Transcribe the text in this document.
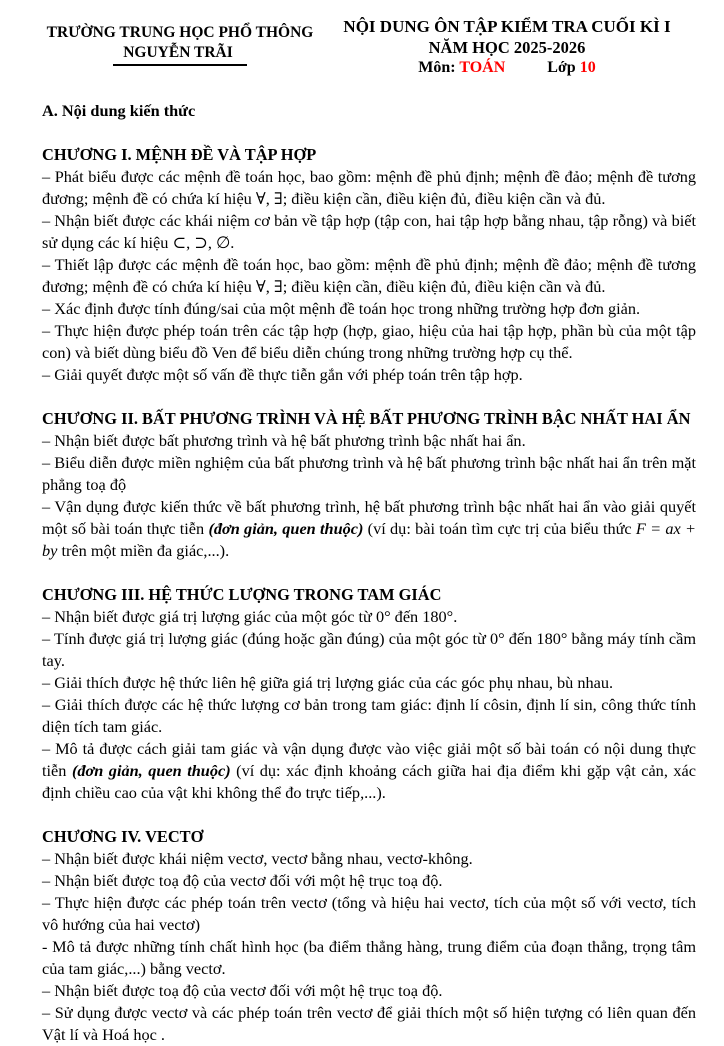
TRƯỜNG TRUNG HỌC PHỔ THÔNG
NGUYỄN TRÃI
NỘI DUNG ÔN TẬP KIỂM TRA CUỐI KÌ I
NĂM HỌC 2025-2026
Môn: TOÁN	Lớp 10

A. Nội dung kiến thức

CHƯƠNG I. MỆNH ĐỀ VÀ TẬP HỢP

– Phát biểu được các mệnh đề toán học, bao gồm: mệnh đề phủ định; mệnh đề đảo; mệnh đề tương đương; mệnh đề có chứa kí hiệu ∀, ∃; điều kiện cần, điều kiện đủ, điều kiện cần và đủ.

– Nhận biết được các khái niệm cơ bản về tập hợp (tập con, hai tập hợp bằng nhau, tập rỗng) và biết sử dụng các kí hiệu ⊂, ⊃, ∅.

– Thiết lập được các mệnh đề toán học, bao gồm: mệnh đề phủ định; mệnh đề đảo; mệnh đề tương đương; mệnh đề có chứa kí hiệu ∀, ∃; điều kiện cần, điều kiện đủ, điều kiện cần và đủ.

– Xác định được tính đúng/sai của một mệnh đề toán học trong những trường hợp đơn giản.

– Thực hiện được phép toán trên các tập hợp (hợp, giao, hiệu của hai tập hợp, phần bù của một tập con) và biết dùng biểu đồ Ven để biểu diễn chúng trong những trường hợp cụ thể.

– Giải quyết được một số vấn đề thực tiễn gắn với phép toán trên tập hợp.

CHƯƠNG II. BẤT PHƯƠNG TRÌNH VÀ HỆ BẤT PHƯƠNG TRÌNH BẬC NHẤT HAI ẨN

– Nhận biết được bất phương trình và hệ bất phương trình bậc nhất hai ẩn.

– Biểu diễn được miền nghiệm của bất phương trình và hệ bất phương trình bậc nhất hai ẩn trên mặt phẳng toạ độ

– Vận dụng được kiến thức về bất phương trình, hệ bất phương trình bậc nhất hai ẩn vào giải quyết một số bài toán thực tiễn (đơn giản, quen thuộc) (ví dụ: bài toán tìm cực trị của biểu thức F = ax + by trên một miền đa giác,...).

CHƯƠNG III. HỆ THỨC LƯỢNG TRONG TAM GIÁC

– Nhận biết được giá trị lượng giác của một góc từ 0° đến 180°.

– Tính được giá trị lượng giác (đúng hoặc gần đúng) của một góc từ 0° đến 180° bằng máy tính cầm tay.

– Giải thích được hệ thức liên hệ giữa giá trị lượng giác của các góc phụ nhau, bù nhau.

– Giải thích được các hệ thức lượng cơ bản trong tam giác: định lí côsin, định lí sin, công thức tính diện tích tam giác.

– Mô tả được cách giải tam giác và vận dụng được vào việc giải một số bài toán có nội dung thực tiễn (đơn giản, quen thuộc) (ví dụ: xác định khoảng cách giữa hai địa điểm khi gặp vật cản, xác định chiều cao của vật khi không thể đo trực tiếp,...).

CHƯƠNG IV. VECTƠ

– Nhận biết được khái niệm vectơ, vectơ bằng nhau, vectơ-không.

– Nhận biết được toạ độ của vectơ đối với một hệ trục toạ độ.

– Thực hiện được các phép toán trên vectơ (tổng và hiệu hai vectơ, tích của một số với vectơ, tích vô hướng của hai vectơ)

- Mô tả được những tính chất hình học (ba điểm thẳng hàng, trung điểm của đoạn thẳng, trọng tâm của tam giác,...) bằng vectơ.

– Nhận biết được toạ độ của vectơ đối với một hệ trục toạ độ.

– Sử dụng được vectơ và các phép toán trên vectơ để giải thích một số hiện tượng có liên quan đến Vật lí và Hoá học .
